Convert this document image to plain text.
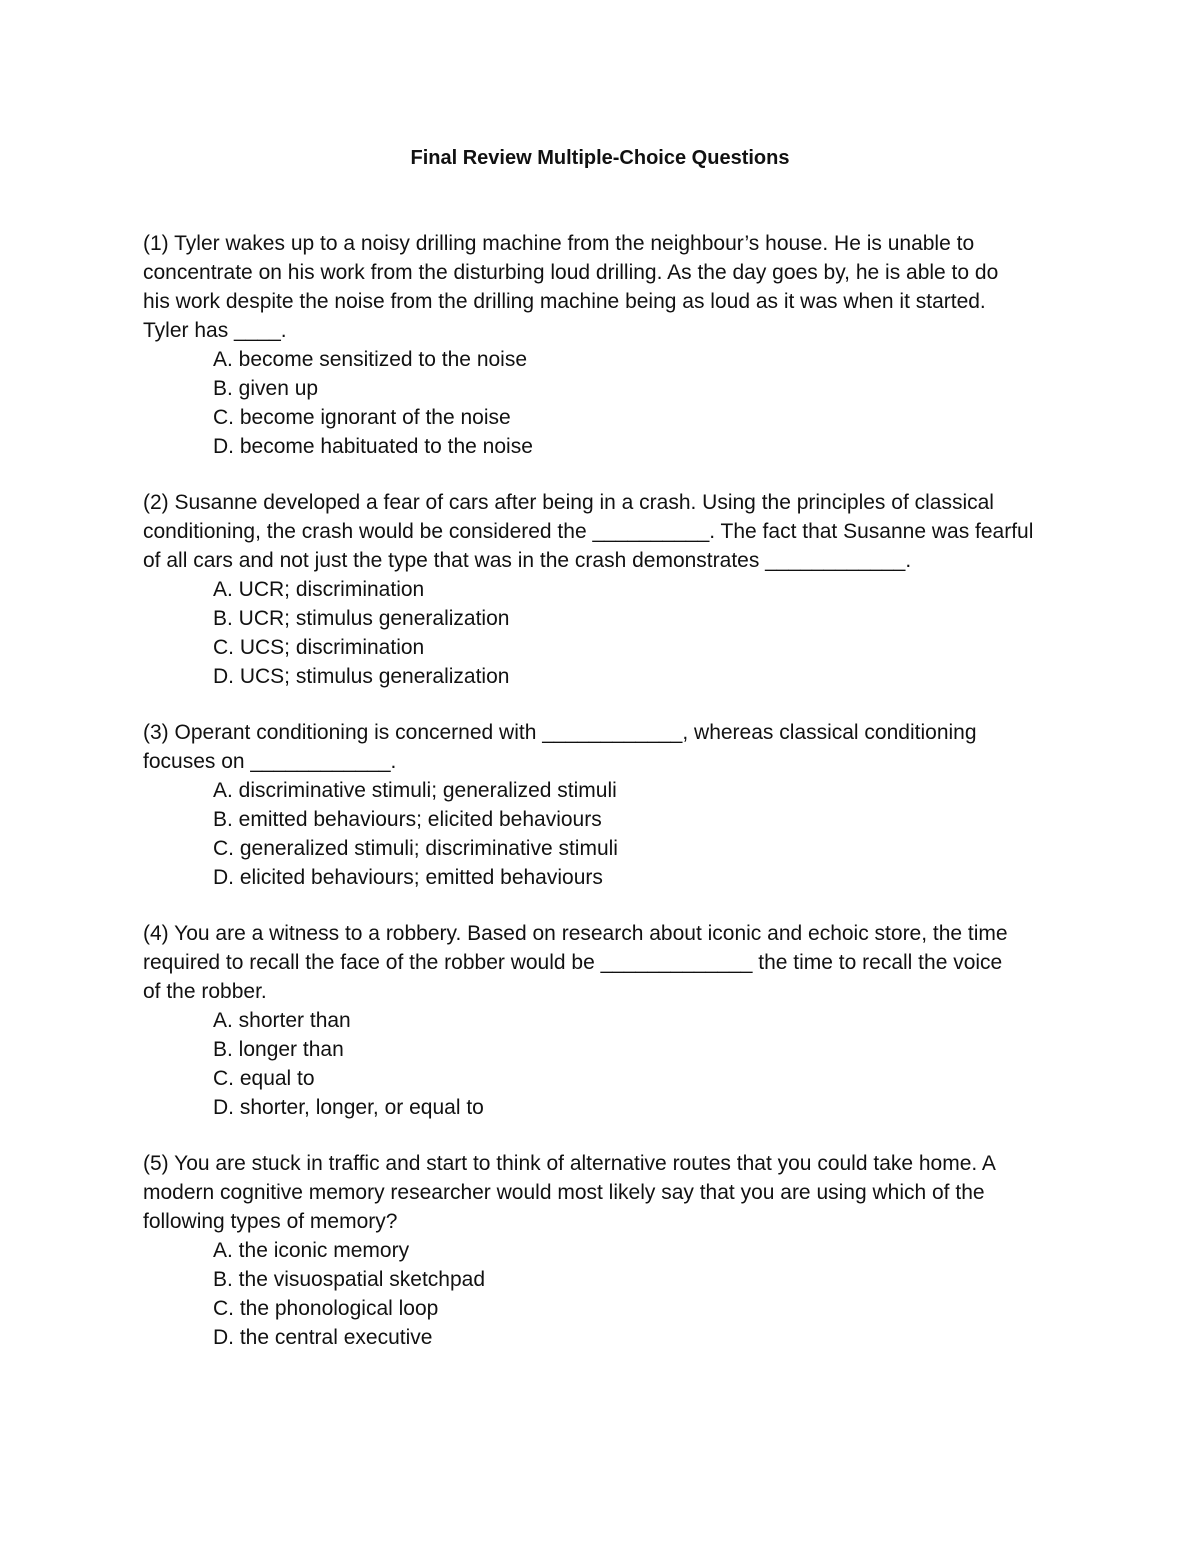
Final Review Multiple-Choice Questions

(1) Tyler wakes up to a noisy drilling machine from the neighbour’s house. He is unable to
concentrate on his work from the disturbing loud drilling. As the day goes by, he is able to do
his work despite the noise from the drilling machine being as loud as it was when it started.
Tyler has ____.

A. become sensitized to the noise
B. given up
C. become ignorant of the noise
D. become habituated to the noise

(2) Susanne developed a fear of cars after being in a crash. Using the principles of classical
conditioning, the crash would be considered the __________. The fact that Susanne was fearful
of all cars and not just the type that was in the crash demonstrates ____________.

A. UCR; discrimination
B. UCR; stimulus generalization
C. UCS; discrimination
D. UCS; stimulus generalization

(3) Operant conditioning is concerned with ____________, whereas classical conditioning
focuses on ____________.

A. discriminative stimuli; generalized stimuli
B. emitted behaviours; elicited behaviours
C. generalized stimuli; discriminative stimuli
D. elicited behaviours; emitted behaviours

(4) You are a witness to a robbery. Based on research about iconic and echoic store, the time
required to recall the face of the robber would be _____________ the time to recall the voice
of the robber.

A. shorter than
B. longer than
C. equal to
D. shorter, longer, or equal to

(5) You are stuck in traffic and start to think of alternative routes that you could take home. A
modern cognitive memory researcher would most likely say that you are using which of the
following types of memory?

A. the iconic memory
B. the visuospatial sketchpad
C. the phonological loop
D. the central executive
